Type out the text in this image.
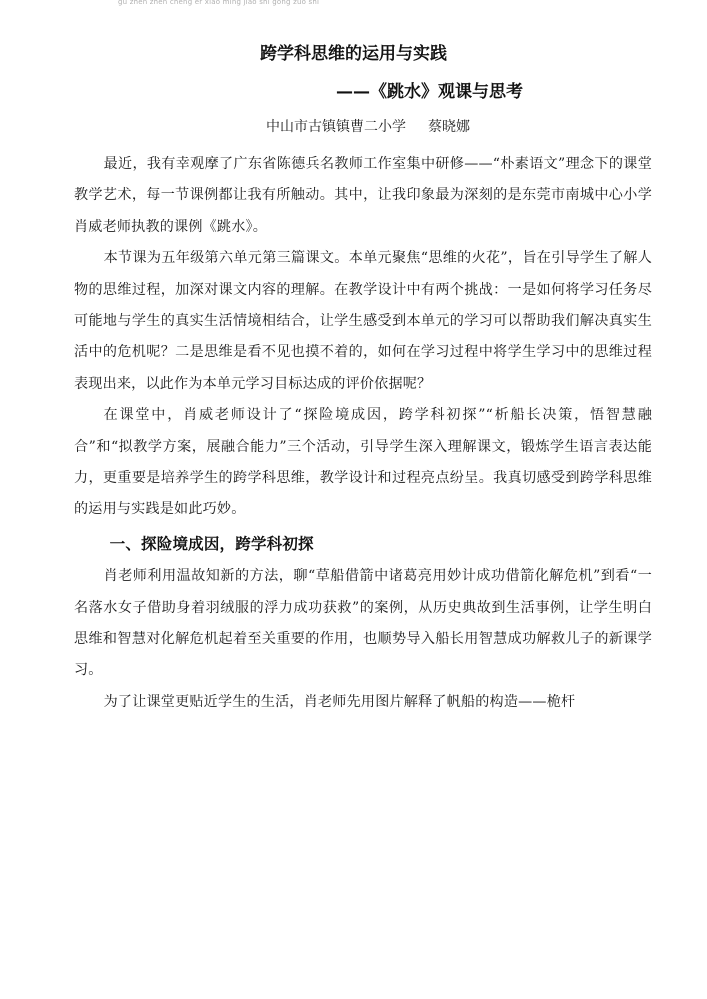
gu zhen zhen cheng er xiao ming jiao shi gong zuo shi
跨学科思维的运用与实践
——《跳水》观课与思考
中山市古镇镇曹二小学 蔡晓娜

最近，我有幸观摩了广东省陈德兵名教师工作室集中研修——“朴素语文”理念下的课堂教学艺术，每一节课例都让我有所触动。其中，让我印象最为深刻的是东莞市南城中心小学肖威老师执教的课例《跳水》。

本节课为五年级第六单元第三篇课文。本单元聚焦“思维的火花”，旨在引导学生了解人物的思维过程，加深对课文内容的理解。在教学设计中有两个挑战：一是如何将学习任务尽可能地与学生的真实生活情境相结合，让学生感受到本单元的学习可以帮助我们解决真实生活中的危机呢？二是思维是看不见也摸不着的，如何在学习过程中将学生学习中的思维过程表现出来，以此作为本单元学习目标达成的评价依据呢？

在课堂中，肖威老师设计了“探险境成因，跨学科初探”“析船长决策，悟智慧融合”和“拟教学方案，展融合能力”三个活动，引导学生深入理解课文，锻炼学生语言表达能力，更重要是培养学生的跨学科思维，教学设计和过程亮点纷呈。我真切感受到跨学科思维的运用与实践是如此巧妙。

一、探险境成因，跨学科初探

肖老师利用温故知新的方法，聊“草船借箭中诸葛亮用妙计成功借箭化解危机”到看“一名落水女子借助身着羽绒服的浮力成功获救”的案例，从历史典故到生活事例，让学生明白思维和智慧对化解危机起着至关重要的作用，也顺势导入船长用智慧成功解救儿子的新课学习。

为了让课堂更贴近学生的生活，肖老师先用图片解释了帆船的构造——桅杆
